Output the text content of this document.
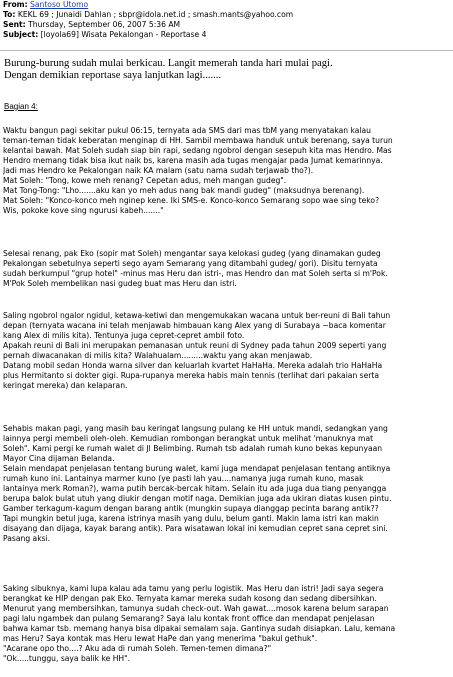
From: Santoso Utomo
To: KEKL 69 ; Junaidi Dahlan ; sbpr@idola.net.id ; smash.mants@yahoo.com
Sent: Thursday, September 06, 2007 5:36 AM
Subject: [loyola69] Wisata Pekalongan - Reportase 4
Burung-burung sudah mulai berkicau. Langit memerah tanda hari mulai pagi.
Dengan demikian reportase saya lanjutkan lagi.......
Bagian 4:
Waktu bangun pagi sekitar pukul 06:15, ternyata ada SMS dari mas tbM yang menyatakan kalau
teman-teman tidak keberatan menginap di HH. Sambil membawa handuk untuk berenang, saya turun
kelantai bawah. Mat Soleh sudah siap bin rapi, sedang ngobrol dengan sesepuh kita mas Hendro. Mas
Hendro memang tidak bisa ikut naik bs, karena masih ada tugas mengajar pada Jumat kemarinnya.
Jadi mas Hendro ke Pekalongan naik KA malam (satu nama sudah terjawab tho?).
Mat Soleh: "Tong, kowe meh renang? Cepetan adus, meh mangan gudeg".
Mat Tong-Tong: "Lho.......aku kan yo meh adus nang bak mandi gudeg" (maksudnya berenang).
Mat Soleh: "Konco-konco meh nginep kene. Iki SMS-e. Konco-konco Semarang sopo wae sing teko?
Wis, pokoke kove sing ngurusi kabeh......."
Selesai renang, pak Eko (sopir mat Soleh) mengantar saya kelokasi gudeg (yang dinamakan gudeg
Pekalongan sebetulnya seperti sego ayam Semarang yang ditambahi gudeg/ gori). Disitu ternyata
sudah berkumpul "grup hotel" -minus mas Heru dan istri-, mas Hendro dan mat Soleh serta si m'Pok.
M'Pok Soleh membelikan nasi gudeg buat mas Heru dan istri.
Saling ngobrol ngalor ngidul, ketawa-ketiwi dan mengemukakan wacana untuk ber-reuni di Bali tahun
depan (ternyata wacana ini telah menjawab himbauan kang Alex yang di Surabaya ~baca komentar
kang Alex di milis kita). Tentunya juga cepret-cepret ambil foto.
Apakah reuni di Bali ini merupakan pemanasan untuk reuni di Sydney pada tahun 2009 seperti yang
pernah diwacanakan di milis kita? Walahualam.........waktu yang akan menjawab.
Datang mobil sedan Honda warna silver dan keluarlah kvartet HaHaHa. Mereka adalah trio HaHaHa
plus Hermitanto si dokter gigi. Rupa-rupanya mereka habis main tennis (terlihat dari pakaian serta
keringat mereka) dan kelaparan.
Sehabis makan pagi, yang masih bau keringat langsung pulang ke HH untuk mandi, sedangkan yang
lainnya pergi membeli oleh-oleh. Kemudian rombongan berangkat untuk melihat 'manuknya mat
Soleh". Kami pergi ke rumah walet di Jl Belimbing. Rumah tsb adalah rumah kuno bekas kepunyaan
Mayor Cina dijaman Belanda.
Selain mendapat penjelasan tentang burung walet, kami juga mendapat penjelasan tentang antiknya
rumah kuno ini. Lantainya marmer kuno (ye pasti lah yau....namanya juga rumah kuno, masak
lantainya merk Roman?), warna putih bercak-bercak hitam. Selain itu ada juga dua tiang penyangga
berupa balok bulat utuh yang diukir dengan motif naga. Demikian juga ada ukiran diatas kusen pintu.
Gamber terkagum-kagum dengan barang antik (mungkin supaya dianggap pecinta barang antik??
Tapi mungkin betul juga, karena istrinya masih yang dulu, belum ganti. Makin lama istri kan makin
disayang dan dijaga, kayak barang antik). Para wisatawan lokal ini kemudian cepret sana cepret sini.
Pasang aksi.
Saking sibuknya, kami lupa kalau ada tamu yang perlu logistik. Mas Heru dan istri! Jadi saya segera
berangkat ke HIP dengan pak Eko. Ternyata kamar mereka sudah kosong dan sedang dibersihkan.
Menurut yang membersihkan, tamunya sudah check-out. Wah gawat....mosok karena belum sarapan
pagi lalu ngambek dan pulang Semarang? Saya lalu kontak front office dan mendapat penjelasan
bahwa kamar tsb. memang hanya bisa dipakai semalam saja. Gantinya sudah disiapkan. Lalu, kemana
mas Heru? Saya kontak mas Heru lewat HaPe dan yang menerima "bakul gethuk".
"Acarane opo tho....? Aku ada di rumah Soleh. Temen-temen dimana?"
"Ok.....tunggu, saya balik ke HH".
